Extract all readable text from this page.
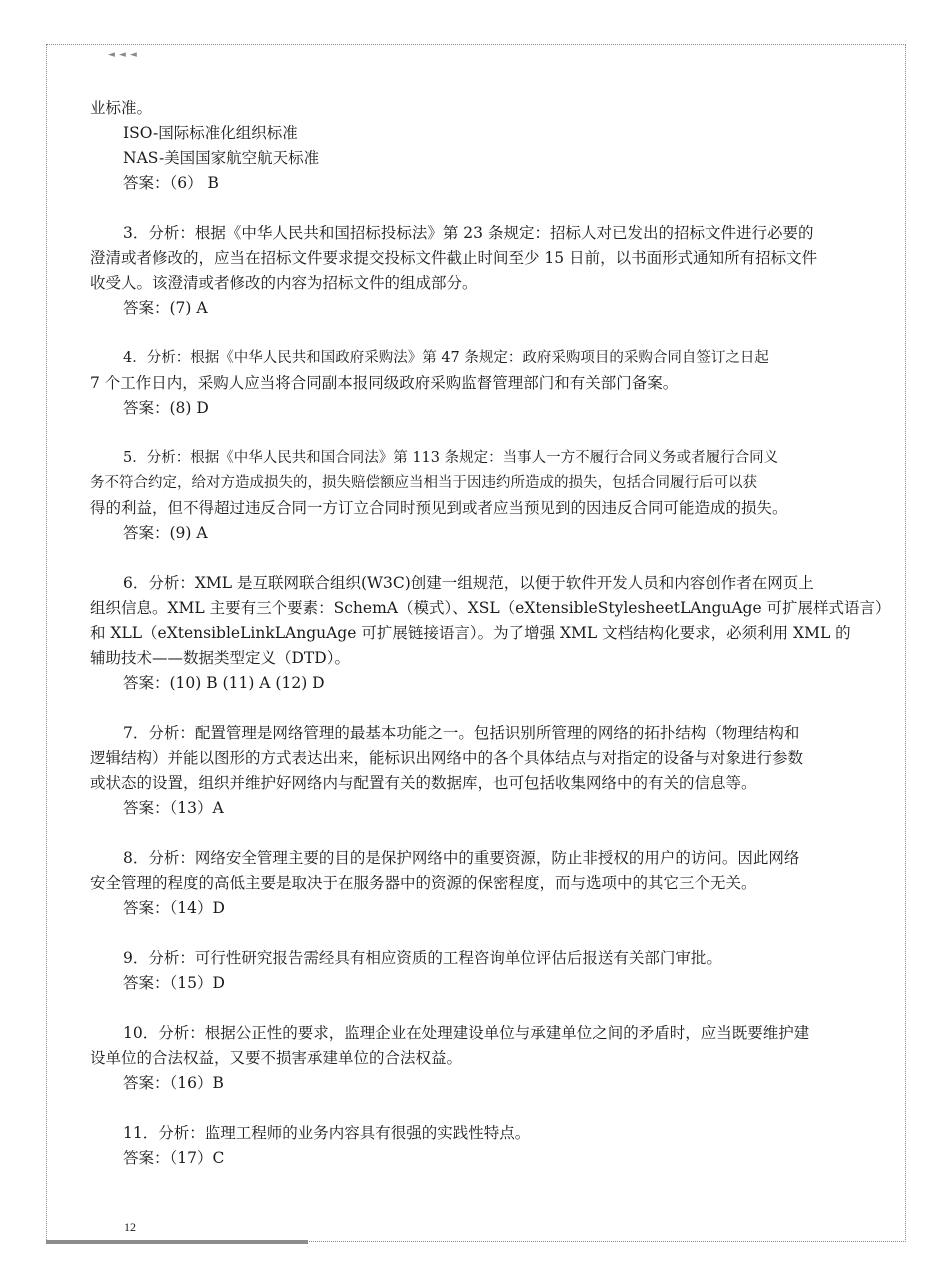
◄◄◄

业标准。

ISO-国际标准化组织标准

NAS-美国国家航空航天标准

答案：（6） B

3．分析：根据《中华人民共和国招标投标法》第 23 条规定：招标人对已发出的招标文件进行必要的

澄清或者修改的，应当在招标文件要求提交投标文件截止时间至少 15 日前，以书面形式通知所有招标文件

收受人。该澄清或者修改的内容为招标文件的组成部分。

答案：(7) A

4．分析：根据《中华人民共和国政府采购法》第 47 条规定：政府采购项目的采购合同自签订之日起

7 个工作日内，采购人应当将合同副本报同级政府采购监督管理部门和有关部门备案。

答案：(8) D

5．分析：根据《中华人民共和国合同法》第 113 条规定：当事人一方不履行合同义务或者履行合同义

务不符合约定，给对方造成损失的，损失赔偿额应当相当于因违约所造成的损失，包括合同履行后可以获

得的利益，但不得超过违反合同一方订立合同时预见到或者应当预见到的因违反合同可能造成的损失。

答案：(9) A

6．分析：XML 是互联网联合组织(W3C)创建一组规范，以便于软件开发人员和内容创作者在网页上

组织信息。XML 主要有三个要素：SchemA（模式）、XSL（eXtensibleStylesheetLAnguAge 可扩展样式语言）

和 XLL（eXtensibleLinkLAnguAge 可扩展链接语言）。为了增强 XML 文档结构化要求，必须利用 XML 的

辅助技术——数据类型定义（DTD）。

答案：(10) B (11) A (12) D

7．分析：配置管理是网络管理的最基本功能之一。包括识别所管理的网络的拓扑结构（物理结构和

逻辑结构）并能以图形的方式表达出来，能标识出网络中的各个具体结点与对指定的设备与对象进行参数

或状态的设置，组织并维护好网络内与配置有关的数据库，也可包括收集网络中的有关的信息等。

答案：（13）A

8．分析：网络安全管理主要的目的是保护网络中的重要资源，防止非授权的用户的访问。因此网络

安全管理的程度的高低主要是取决于在服务器中的资源的保密程度，而与选项中的其它三个无关。

答案：（14）D

9．分析：可行性研究报告需经具有相应资质的工程咨询单位评估后报送有关部门审批。

答案：（15）D

10．分析：根据公正性的要求，监理企业在处理建设单位与承建单位之间的矛盾时，应当既要维护建

设单位的合法权益，又要不损害承建单位的合法权益。

答案：（16）B

11．分析：监理工程师的业务内容具有很强的实践性特点。

答案：（17）C

12
